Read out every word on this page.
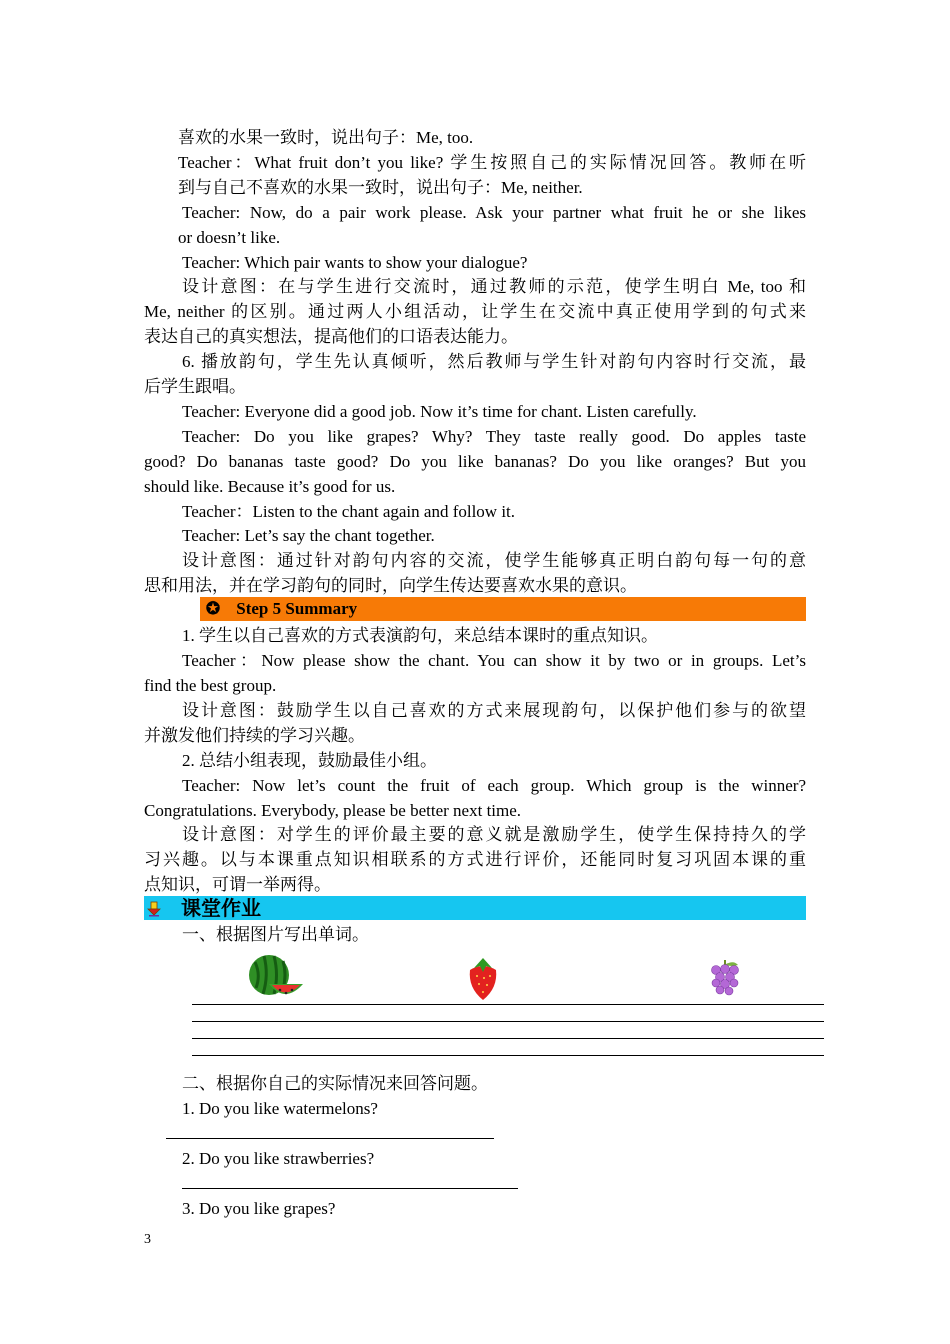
喜欢的水果一致时，说出句子：Me, too.
Teacher：What fruit don’t you like? 学生按照自己的实际情况回答。教师在听
到与自己不喜欢的水果一致时，说出句子：Me, neither.
Teacher: Now, do a pair work please. Ask your partner what fruit he or she likes
or doesn’t like.
Teacher: Which pair wants to show your dialogue?
设计意图：在与学生进行交流时，通过教师的示范，使学生明白 Me, too 和
Me, neither 的区别。通过两人小组活动，让学生在交流中真正使用学到的句式来
表达自己的真实想法，提高他们的口语表达能力。
6. 播放韵句，学生先认真倾听，然后教师与学生针对韵句内容时行交流，最
后学生跟唱。
Teacher: Everyone did a good job. Now it’s time for chant. Listen carefully.
Teacher: Do you like grapes? Why? They taste really good. Do apples taste
good? Do bananas taste good? Do you like bananas? Do you like oranges? But you
should like. Because it’s good for us.
Teacher：Listen to the chant again and follow it.
Teacher: Let’s say the chant together.
设计意图：通过针对韵句内容的交流，使学生能够真正明白韵句每一句的意
思和用法，并在学习韵句的同时，向学生传达要喜欢水果的意识。
✪ Step 5 Summary
1. 学生以自己喜欢的方式表演韵句，来总结本课时的重点知识。
Teacher：Now please show the chant. You can show it by two or in groups. Let’s
find the best group.
设计意图：鼓励学生以自己喜欢的方式来展现韵句，以保护他们参与的欲望
并激发他们持续的学习兴趣。
2. 总结小组表现，鼓励最佳小组。
Teacher: Now let’s count the fruit of each group. Which group is the winner?
Congratulations. Everybody, please be better next time.
设计意图：对学生的评价最主要的意义就是激励学生，使学生保持持久的学
习兴趣。以与本课重点知识相联系的方式进行评价，还能同时复习巩固本课的重
点知识，可谓一举两得。
课堂作业
一、根据图片写出单词。
二、根据你自己的实际情况来回答问题。
1. Do you like watermelons?
2. Do you like strawberries?
3. Do you like grapes?
3
